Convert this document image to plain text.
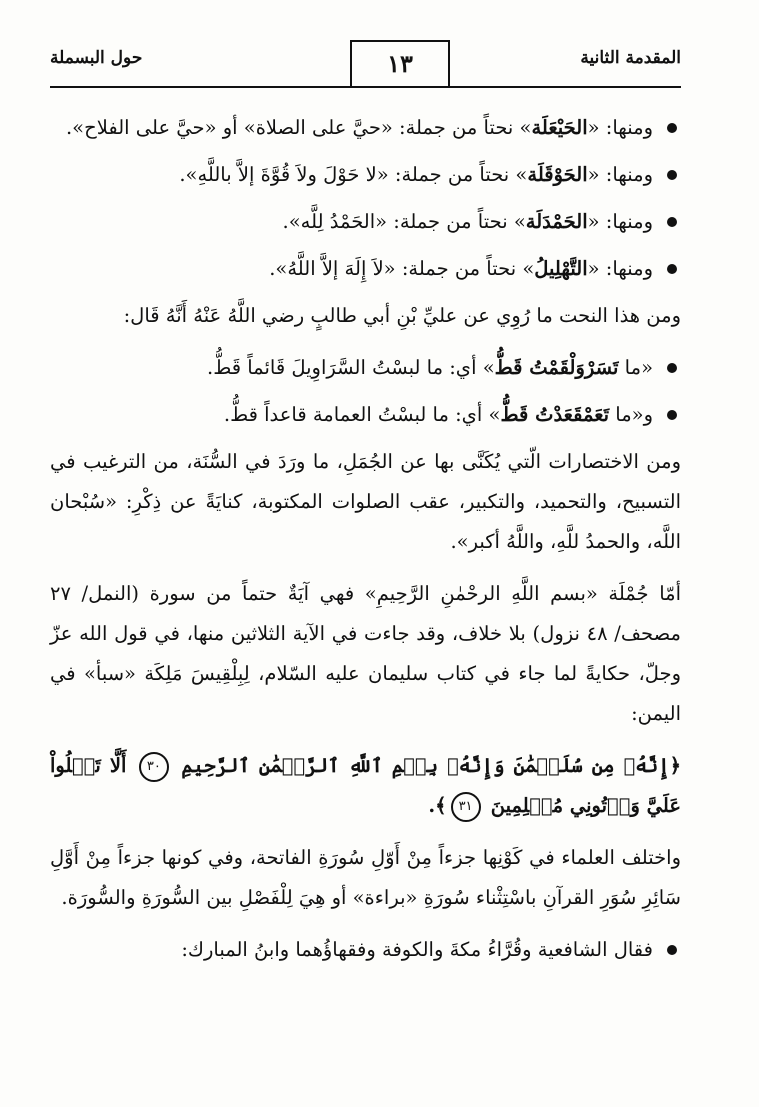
المقدمة الثانية
١٣
حول البسملة
ومنها: «الحَيْعَلَة» نحتاً من جملة: «حيَّ على الصلاة» أو «حيَّ على الفلاح».
ومنها: «الحَوْقَلَة» نحتاً من جملة: «لا حَوْلَ ولاَ قُوَّةَ إلاَّ باللَّهِ».
ومنها: «الحَمْدَلَة» نحتاً من جملة: «الحَمْدُ لِلَّه».
ومنها: «التَّهْلِيلُ» نحتاً من جملة: «لاَ إِلَهَ إلاَّ اللَّهُ».

ومن هذا النحت ما رُوِي عن عليِّ بْنِ أبي طالبٍ رضي اللَّهُ عَنْهُ أَنَّهُ قَال:

«ما تَسَرْوَلْقَمْتُ قَطُّ» أي: ما لبسْتُ السَّرَاوِيلَ قَائماً قَطُّ.
و«ما تَعَمْقَعَدْتُ قَطُّ» أي: ما لبسْتُ العمامة قاعداً قطُّ.

ومن الاختصارات الّتي يُكَنَّى بها عن الجُمَلِ، ما ورَدَ في السُّنَة، من الترغيب في التسبيح، والتحميد، والتكبير، عقب الصلوات المكتوبة، كنايَةً عن ذِكْرِ: «سُبْحان اللَّه، والحمدُ للَّهِ، واللَّهُ أكبر».

أمّا جُمْلَة «بسم اللَّهِ الرحْمٰنِ الرَّحِيمِ» فهي آيَةٌ حتماً من سورة (النمل/ ٢٧ مصحف/ ٤٨ نزول) بلا خلاف، وقد جاءت في الآية الثلاثين منها، في قول الله عزّ وجلّ، حكايةً لما جاء في كتاب سليمان عليه السّلام، لِبِلْقِيسَ مَلِكَة «سبأ» في اليمن:

﴿إِنَّهُۥ مِن سُلَيۡمَٰنَ وَإِنَّهُۥ بِسۡمِ ٱللَّهِ ٱلرَّحۡمَٰنِ ٱلرَّحِيمِ ٣٠ أَلَّا تَعۡلُواْ عَلَيَّ وَأۡتُونِي مُسۡلِمِينَ ٣١﴾.

واختلف العلماء في كَوْنِها جزءاً مِنْ أَوّلِ سُورَةِ الفاتحة، وفي كونها جزءاً مِنْ أَوَّلِ سَائِرِ سُوَرِ القرآنِ باسْتِثْناء سُورَةِ «براءة» أو هِيَ لِلْفَصْلِ بين السُّورَةِ والسُّورَة.

فقال الشافعية وقُرَّاءُ مكةَ والكوفة وفقهاؤُهما وابنُ المبارك:
